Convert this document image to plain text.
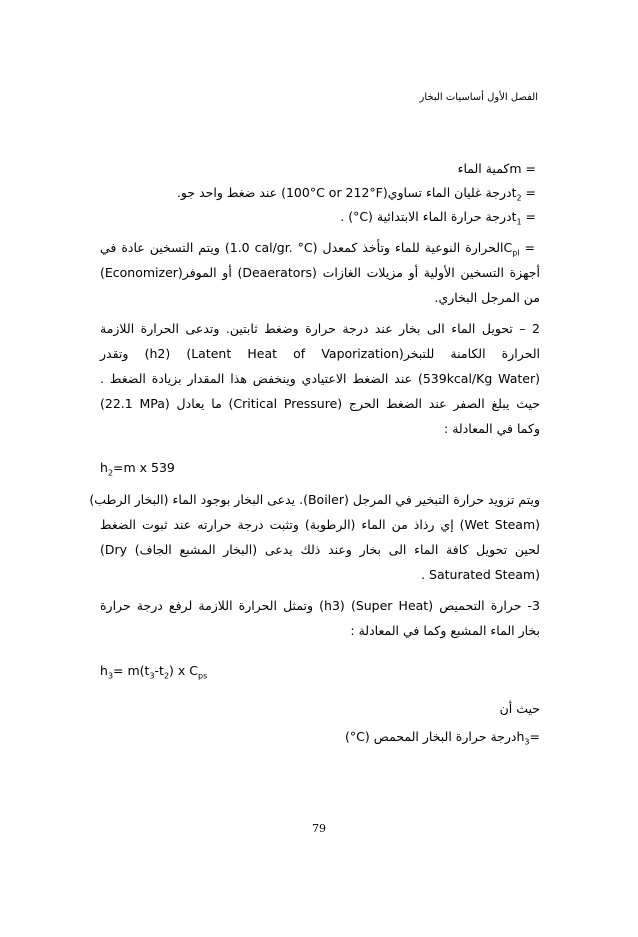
الفصل الأول أساسيات البخار
m = كمية الماء
$t_2$ = درجة غليان الماء تساوي(100°C or 212°F) عند ضغط واحد جو.
$t_1$ = درجة حرارة الماء الابتدائية (°C) .
$C_{pl}$ = الحرارة النوعية للماء وتأخذ كمعدل (1.0 cal/gr. °C) ويتم التسخين عادة في
أجهزة التسخين الأولية أو مزيلات الغازات (Deaerators) أو الموفر(Economizer)
من المرجل البخاري.
2 – تحويل الماء الى بخار عند درجة حرارة وضغط ثابتين. وتدعى الحرارة اللازمة
الحرارة الكامنة للتبخر(Latent Heat of Vaporization) (h2) وتقدر
(539kcal/Kg Water) عند الضغط الاعتيادي وينخفض هذا المقدار بزيادة الضغط .
حيث يبلغ الصفر عند الضغط الحرج (Critical Pressure) ما يعادل (22.1 MPa)
وكما في المعادلة :
$h_2=m$ x 539
ويتم تزويد حرارة التبخير في المرجل (Boiler). يدعى البخار بوجود الماء (البخار الرطب)
(Wet Steam) إي رذاذ من الماء (الرطوبة) وتثبت درجة حرارته عند ثبوت الضغط
لحين تحويل كافة الماء الى بخار وعند ذلك يدعى (البخار المشبع الجاف) (Dry
Saturated Steam) .
3- حرارة التحميص (Super Heat) (h3) وتمثل الحرارة اللازمة لرفع درجة حرارة
بخار الماء المشبع وكما في المعادلة :
$h_3= m(t_3-t_2)$ x $C_{ps}$
حيث أن
$h_3=درجة$ حرارة البخار المحمص (°C)
79
